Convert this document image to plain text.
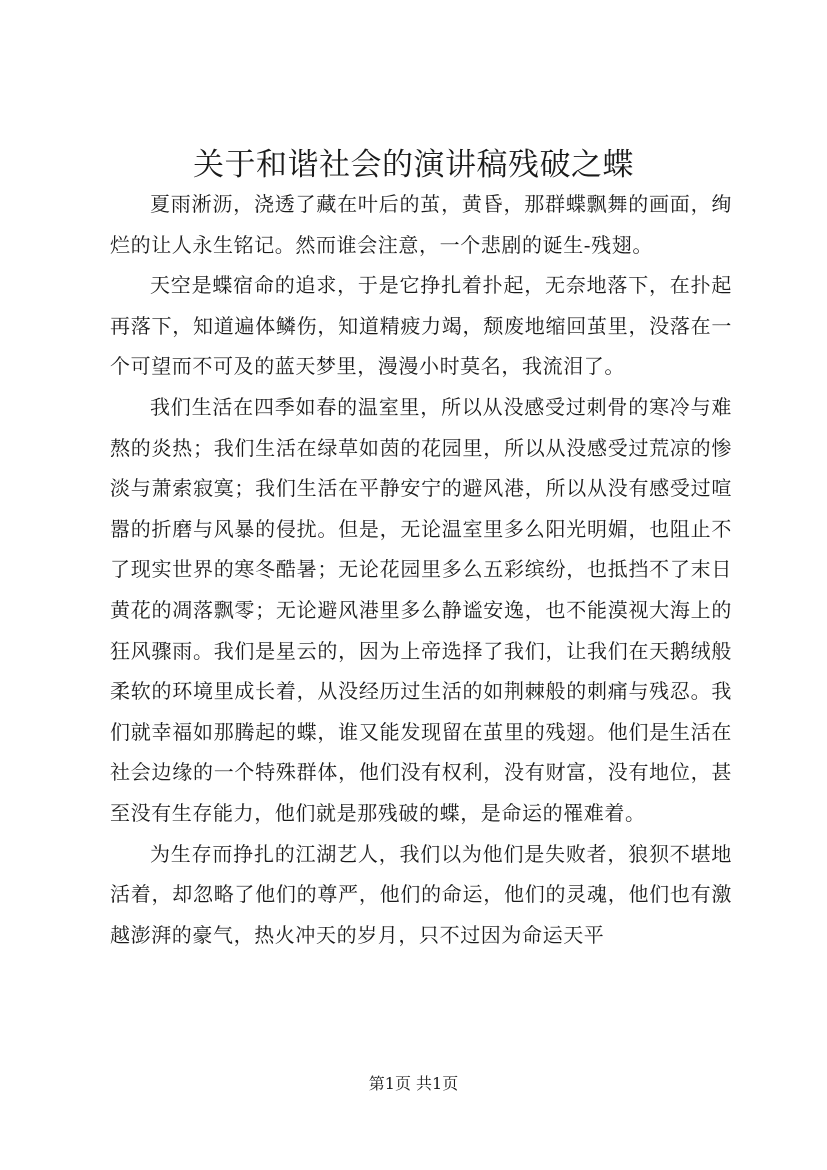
关于和谐社会的演讲稿残破之蝶

夏雨淅沥，浇透了藏在叶后的茧，黄昏，那群蝶飘舞的画面，绚烂的让人永生铭记。然而谁会注意，一个悲剧的诞生-残翅。

天空是蝶宿命的追求，于是它挣扎着扑起，无奈地落下，在扑起再落下，知道遍体鳞伤，知道精疲力竭，颓废地缩回茧里，没落在一个可望而不可及的蓝天梦里，漫漫小时莫名，我流泪了。

我们生活在四季如春的温室里，所以从没感受过刺骨的寒冷与难熬的炎热；我们生活在绿草如茵的花园里，所以从没感受过荒凉的惨淡与萧索寂寞；我们生活在平静安宁的避风港，所以从没有感受过喧嚣的折磨与风暴的侵扰。但是，无论温室里多么阳光明媚，也阻止不了现实世界的寒冬酷暑；无论花园里多么五彩缤纷，也抵挡不了末日黄花的凋落飘零；无论避风港里多么静谧安逸，也不能漠视大海上的狂风骤雨。我们是星云的，因为上帝选择了我们，让我们在天鹅绒般柔软的环境里成长着，从没经历过生活的如荆棘般的刺痛与残忍。我们就幸福如那腾起的蝶，谁又能发现留在茧里的残翅。他们是生活在社会边缘的一个特殊群体，他们没有权利，没有财富，没有地位，甚至没有生存能力，他们就是那残破的蝶，是命运的罹难着。

为生存而挣扎的江湖艺人，我们以为他们是失败者，狼狈不堪地活着，却忽略了他们的尊严，他们的命运，他们的灵魂，他们也有激越澎湃的豪气，热火冲天的岁月，只不过因为命运天平

第1页 共1页
